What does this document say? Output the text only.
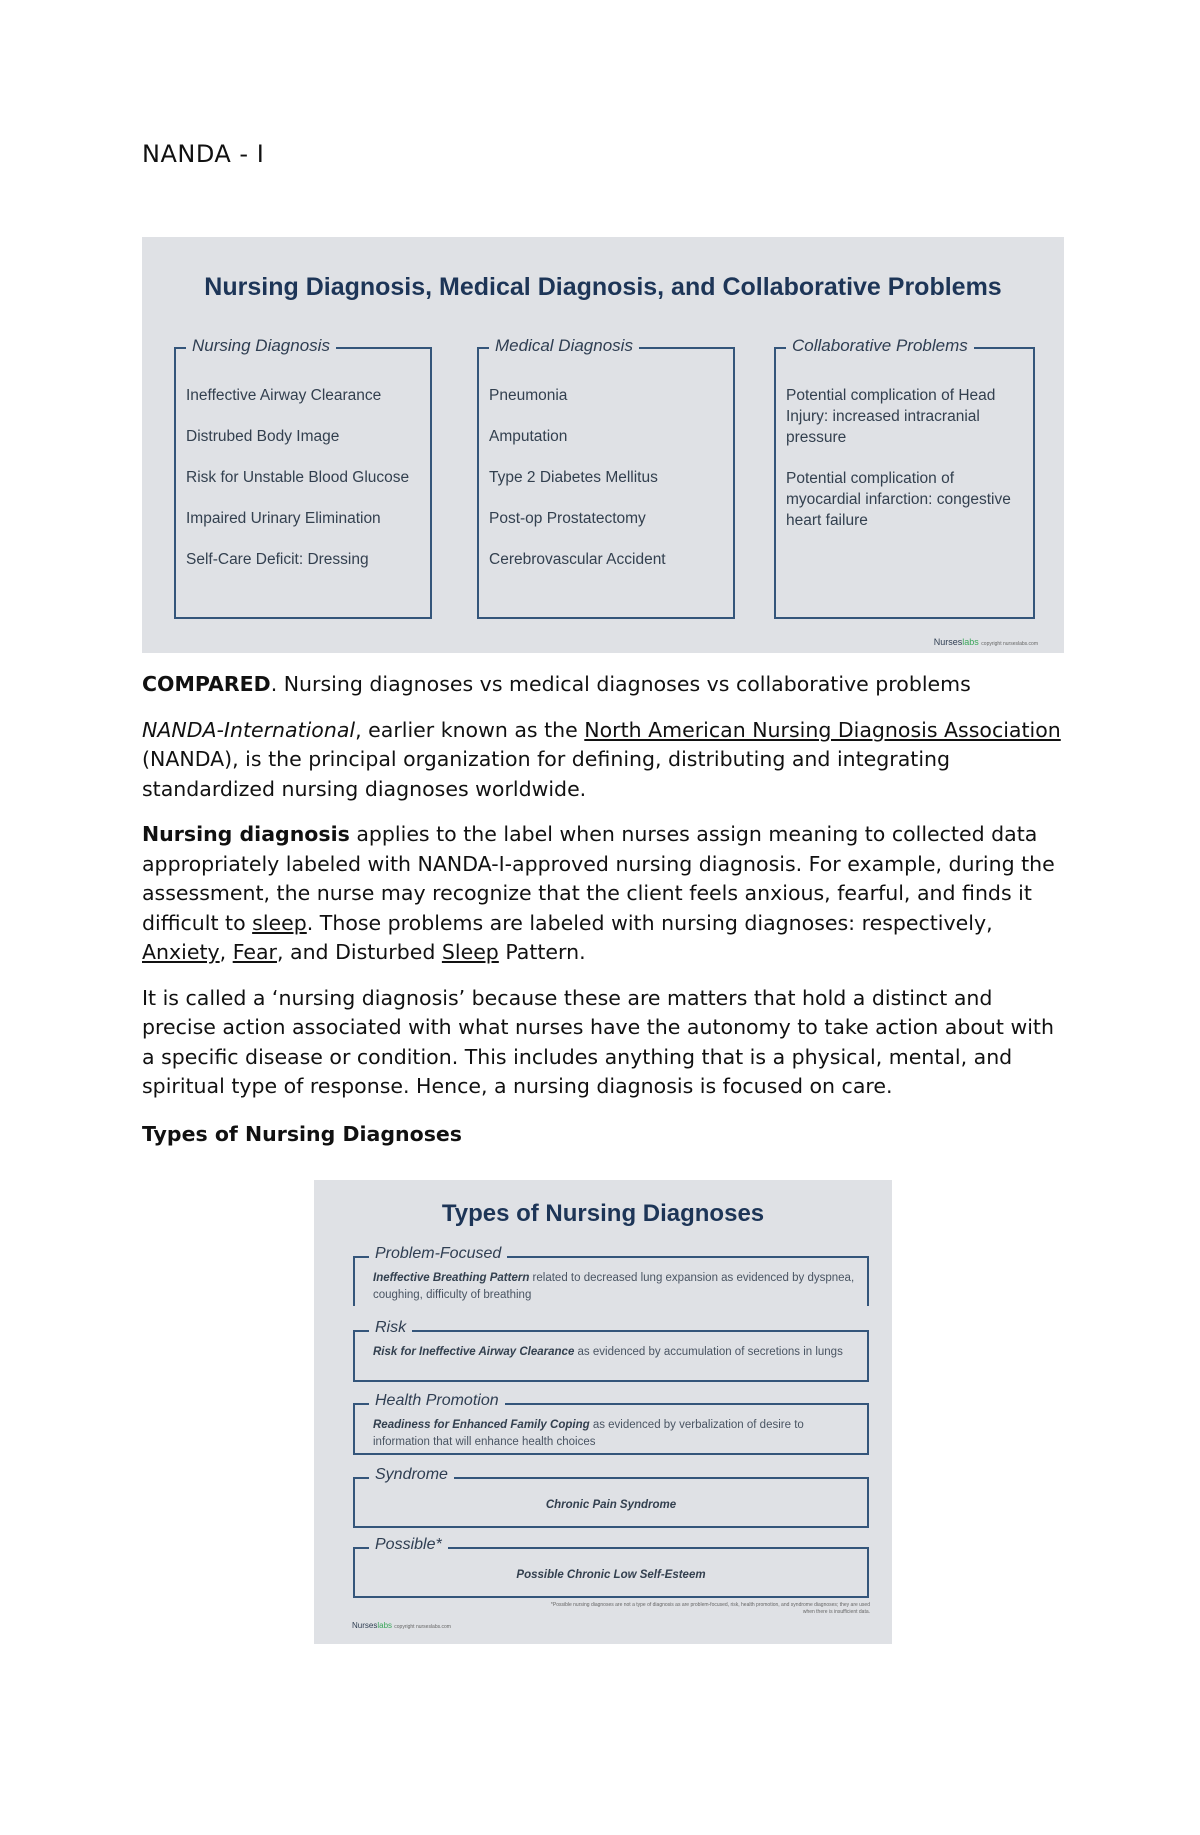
NANDA - I
Nursing Diagnosis, Medical Diagnosis, and Collaborative Problems
Nursing Diagnosis
Ineffective Airway Clearance
Distrubed Body Image
Risk for Unstable Blood Glucose
Impaired Urinary Elimination
Self-Care Deficit: Dressing
Medical Diagnosis
Pneumonia
Amputation
Type 2 Diabetes Mellitus
Post-op Prostatectomy
Cerebrovascular Accident
Collaborative Problems
Potential complication of Head Injury: increased intracranial pressure
Potential complication of myocardial infarction: congestive heart failure
Nurseslabs copyright nurseslabs.com

COMPARED. Nursing diagnoses vs medical diagnoses vs collaborative problems

NANDA-International, earlier known as the North American Nursing Diagnosis Association (NANDA), is the principal organization for defining, distributing and integrating standardized nursing diagnoses worldwide.

Nursing diagnosis applies to the label when nurses assign meaning to collected data appropriately labeled with NANDA-I-approved nursing diagnosis. For example, during the assessment, the nurse may recognize that the client feels anxious, fearful, and finds it difficult to sleep. Those problems are labeled with nursing diagnoses: respectively, Anxiety, Fear, and Disturbed Sleep Pattern.

It is called a ‘nursing diagnosis’ because these are matters that hold a distinct and precise action associated with what nurses have the autonomy to take action about with a specific disease or condition. This includes anything that is a physical, mental, and spiritual type of response. Hence, a nursing diagnosis is focused on care.

Types of Nursing Diagnoses
Types of Nursing Diagnoses
Problem-Focused
Ineffective Breathing Pattern related to decreased lung expansion as evidenced by dyspnea, coughing, difficulty of breathing
Risk
Risk for Ineffective Airway Clearance as evidenced by accumulation of secretions in lungs
Health Promotion
Readiness for Enhanced Family Coping as evidenced by verbalization of desire to information that will enhance health choices
Syndrome
Chronic Pain Syndrome
Possible*
Possible Chronic Low Self-Esteem
*Possible nursing diagnoses are not a type of diagnosis as are problem-focused, risk, health promotion, and syndrome diagnoses; they are used when there is insufficient data.
Nurseslabs copyright nurseslabs.com
